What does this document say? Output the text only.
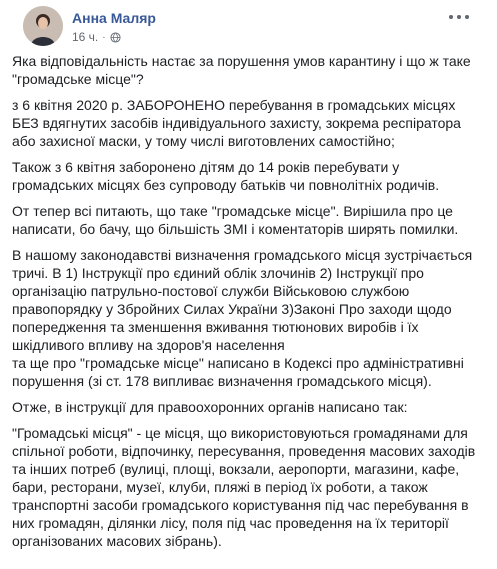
Анна Маляр
16 ч. ·

Яка відповідальність настає за порушення умов карантину і що ж таке "громадське місце"?

з 6 квітня 2020 р. ЗАБОРОНЕНО перебування в громадських місцях БЕЗ вдягнутих засобів індивідуального захисту, зокрема респіратора або захисної маски, у тому числі виготовлених самостійно;

Також з 6 квітня заборонено дітям до 14 років перебувати у громадських місцях без супроводу батьків чи повнолітніх родичів.

От тепер всі питають, що таке "громадське місце". Вирішила про це написати, бо бачу, що більшість ЗМІ і коментаторів ширять помилки.

В нашому законодавстві визначення громадського місця зустрічається тричі. В 1) Інструкції про єдиний облік злочинів 2) Інструкції про організацію патрульно-постової служби Військовою службою правопорядку у Збройних Силах України 3)Законі Про заходи щодо попередження та зменшення вживання тютюнових виробів і їх шкідливого впливу на здоров'я населення
та ще про "громадське місце" написано в Кодексі про адміністративні порушення (зі ст. 178 випливає визначення громадського місця).

Отже, в інструкції для правоохоронних органів написано так:

"Громадські місця" - це місця, що використовуються громадянами для спільної роботи, відпочинку, пересування, проведення масових заходів та інших потреб (вулиці, площі, вокзали, аеропорти, магазини, кафе, бари, ресторани, музеї, клуби, пляжі в період їх роботи, а також транспортні засоби громадського користування під час перебування в них громадян, ділянки лісу, поля під час проведення на їх території організованих масових зібрань).
